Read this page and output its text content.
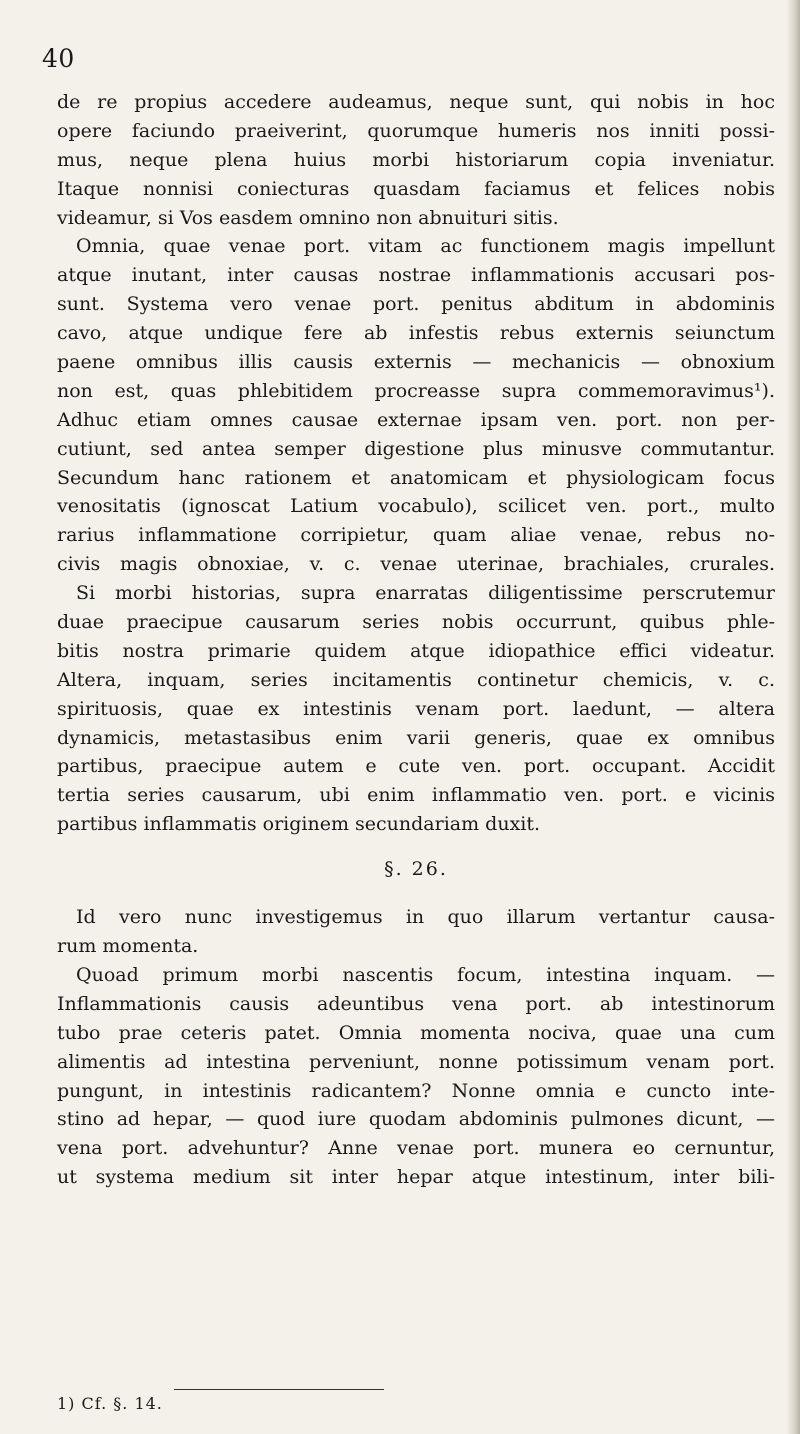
40
de re propius accedere audeamus, neque sunt, qui nobis in hoc
opere faciundo praeiverint, quorumque humeris nos inniti possi-
mus, neque plena huius morbi historiarum copia inveniatur.
Itaque nonnisi coniecturas quasdam faciamus et felices nobis
videamur, si Vos easdem omnino non abnuituri sitis.
Omnia, quae venae port. vitam ac functionem magis impellunt
atque inutant, inter causas nostrae inflammationis accusari pos-
sunt. Systema vero venae port. penitus abditum in abdominis
cavo, atque undique fere ab infestis rebus externis seiunctum
paene omnibus illis causis externis — mechanicis — obnoxium
non est, quas phlebitidem procreasse supra commemoravimus¹).
Adhuc etiam omnes causae externae ipsam ven. port. non per-
cutiunt, sed antea semper digestione plus minusve commutantur.
Secundum hanc rationem et anatomicam et physiologicam focus
venositatis (ignoscat Latium vocabulo), scilicet ven. port., multo
rarius inflammatione corripietur, quam aliae venae, rebus no-
civis magis obnoxiae, v. c. venae uterinae, brachiales, crurales.
Si morbi historias, supra enarratas diligentissime perscrutemur
duae praecipue causarum series nobis occurrunt, quibus phle-
bitis nostra primarie quidem atque idiopathice effici videatur.
Altera, inquam, series incitamentis continetur chemicis, v. c.
spirituosis, quae ex intestinis venam port. laedunt, — altera
dynamicis, metastasibus enim varii generis, quae ex omnibus
partibus, praecipue autem e cute ven. port. occupant. Accidit
tertia series causarum, ubi enim inflammatio ven. port. e vicinis
partibus inflammatis originem secundariam duxit.
§. 26.
Id vero nunc investigemus in quo illarum vertantur causa-
rum momenta.
Quoad primum morbi nascentis focum, intestina inquam. —
Inflammationis causis adeuntibus vena port. ab intestinorum
tubo prae ceteris patet. Omnia momenta nociva, quae una cum
alimentis ad intestina perveniunt, nonne potissimum venam port.
pungunt, in intestinis radicantem? Nonne omnia e cuncto inte-
stino ad hepar, — quod iure quodam abdominis pulmones dicunt, —
vena port. advehuntur? Anne venae port. munera eo cernuntur,
ut systema medium sit inter hepar atque intestinum, inter bili-
1) Cf. §. 14.
